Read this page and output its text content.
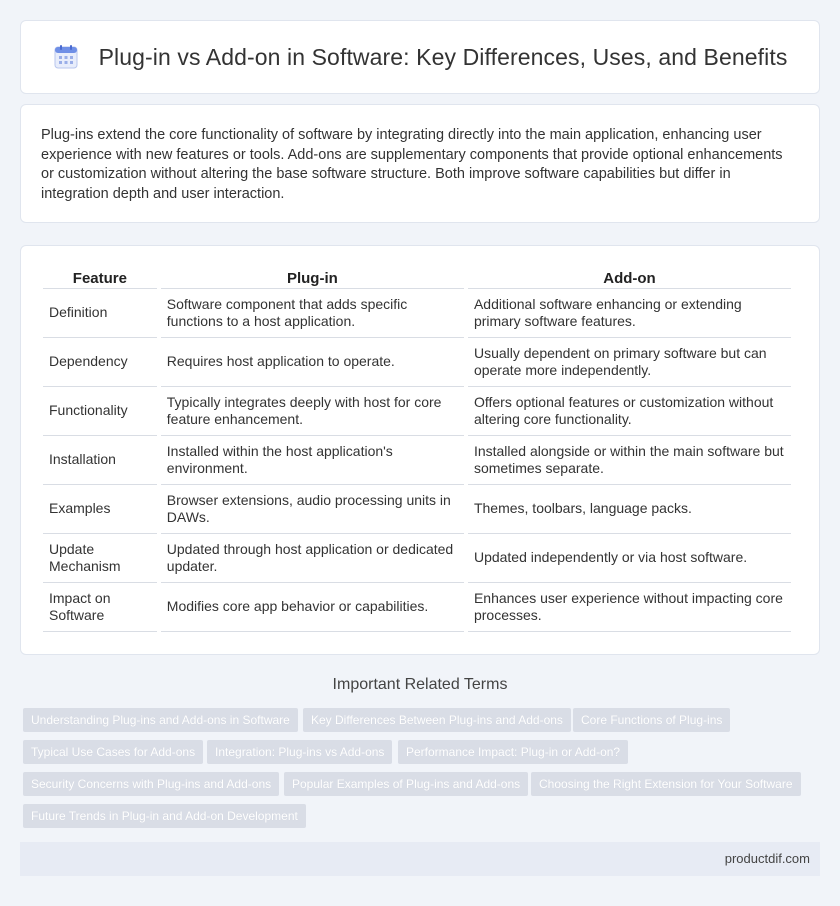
Plug-in vs Add-on in Software: Key Differences, Uses, and Benefits

Plug-ins extend the core functionality of software by integrating directly into the main application, enhancing user experience with new features or tools. Add-ons are supplementary components that provide optional enhancements or customization without altering the base software structure. Both improve software capabilities but differ in integration depth and user interaction.

Feature	Plug-in	Add-on
Definition	Software component that adds specific functions to a host application.	Additional software enhancing or extending primary software features.
Dependency	Requires host application to operate.	Usually dependent on primary software but can operate more independently.
Functionality	Typically integrates deeply with host for core feature enhancement.	Offers optional features or customization without altering core functionality.
Installation	Installed within the host application's environment.	Installed alongside or within the main software but sometimes separate.
Examples	Browser extensions, audio processing units in DAWs.	Themes, toolbars, language packs.
Update Mechanism	Updated through host application or dedicated updater.	Updated independently or via host software.
Impact on Software	Modifies core app behavior or capabilities.	Enhances user experience without impacting core processes.
Important Related Terms
Understanding Plug-ins and Add-ons in Software	Key Differences Between Plug-ins and Add-ons	Core Functions of Plug-ins
Typical Use Cases for Add-ons	Integration: Plug-ins vs Add-ons	Performance Impact: Plug-in or Add-on?
Security Concerns with Plug-ins and Add-ons	Popular Examples of Plug-ins and Add-ons	Choosing the Right Extension for Your Software
Future Trends in Plug-in and Add-on Development
productdif.com
